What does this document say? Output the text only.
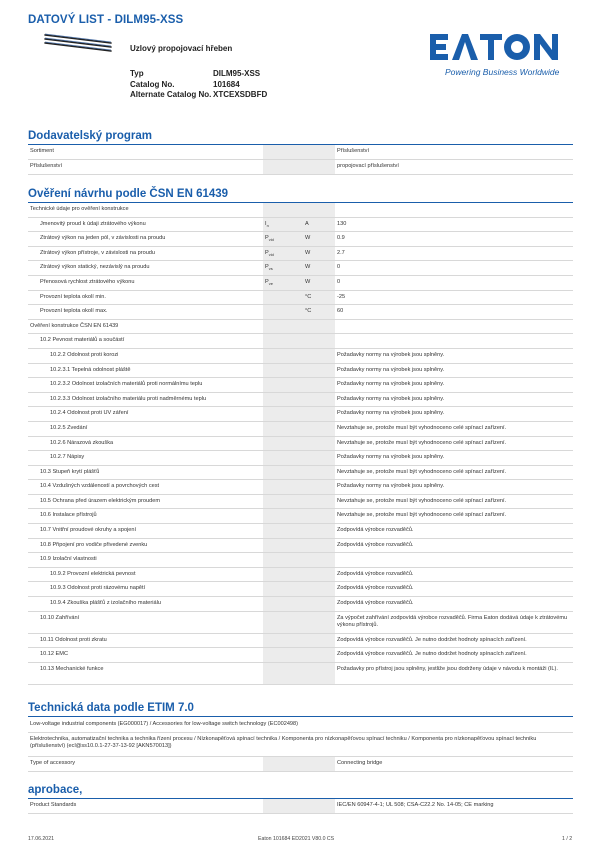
DATOVÝ LIST - DILM95-XSS
Uzlový propojovací hřeben
Typ	DILM95-XSS
Catalog No.	101684
Alternate Catalog No. XTCEXSDBFD
Powering Business Worldwide
Dodavatelský program
Sortiment	Příslušenství
Příslušenství	propojovací příslušenství
Ověření návrhu podle ČSN EN 61439
Technické údaje pro ověření konstrukce
Jmenovitý proud k údaji ztrátového výkonu	$I_n$	A	130
Ztrátový výkon na jeden pól, v závislosti na proudu	$P_{vid}$	W	0.9
Ztrátový výkon přístroje, v závislosti na proudu	$P_{vid}$	W	2.7
Ztrátový výkon statický, nezávislý na proudu	$P_{vs}$	W	0
Přenosová rychlost ztrátového výkonu	$P_{ve}$	W	0
Provozní teplota okolí min.	°C	-25
Provozní teplota okolí max.	°C	60
Ověření konstrukce ČSN EN 61439
10.2 Pevnost materiálů a součástí
10.2.2 Odolnost proti korozi	Požadavky normy na výrobek jsou splněny.
10.2.3.1 Tepelná odolnost pláště	Požadavky normy na výrobek jsou splněny.
10.2.3.2 Odolnost izolačních materiálů proti normálnímu teplu	Požadavky normy na výrobek jsou splněny.
10.2.3.3 Odolnost izolačního materiálu proti nadměrnému teplu	Požadavky normy na výrobek jsou splněny.
10.2.4 Odolnost proti UV záření	Požadavky normy na výrobek jsou splněny.
10.2.5 Zvedání	Nevztahuje se, protože musí být vyhodnoceno celé spínací zařízení.
10.2.6 Nárazová zkouška	Nevztahuje se, protože musí být vyhodnoceno celé spínací zařízení.
10.2.7 Nápisy	Požadavky normy na výrobek jsou splněny.
10.3 Stupeň krytí plášťů	Nevztahuje se, protože musí být vyhodnoceno celé spínací zařízení.
10.4 Vzdušných vzdáleností a povrchových cest	Požadavky normy na výrobek jsou splněny.
10.5 Ochrana před úrazem elektrickým proudem	Nevztahuje se, protože musí být vyhodnoceno celé spínací zařízení.
10.6 Instalace přístrojů	Nevztahuje se, protože musí být vyhodnoceno celé spínací zařízení.
10.7 Vnitřní proudové okruhy a spojení	Zodpovídá výrobce rozvaděčů.
10.8 Připojení pro vodiče přivedené zvenku	Zodpovídá výrobce rozvaděčů.
10.9 Izolační vlastnosti
10.9.2 Provozní elektrická pevnost	Zodpovídá výrobce rozvaděčů.
10.9.3 Odolnost proti rázovému napětí	Zodpovídá výrobce rozvaděčů.
10.9.4 Zkouška plášťů z izolačního materiálu	Zodpovídá výrobce rozvaděčů.
10.10 Zahřívání	Za výpočet zahřívání zodpovídá výrobce rozvaděčů. Firma Eaton dodává údaje k ztrátovému výkonu přístrojů.
10.11 Odolnost proti zkratu	Zodpovídá výrobce rozvaděčů. Je nutno dodržet hodnoty spínacích zařízení.
10.12 EMC	Zodpovídá výrobce rozvaděčů. Je nutno dodržet hodnoty spínacích zařízení.
10.13 Mechanické funkce	Požadavky pro přístroj jsou splněny, jestliže jsou dodrženy údaje v návodu k montáži (IL).
Technická data podle ETIM 7.0
Low-voltage industrial components (EG000017) / Accessories for low-voltage switch technology (EC002498)
Elektrotechnika, automatizační technika a technika řízení procesu / Nízkonapěťová spínací technika / Komponenta pro nízkonapěťovou spínací techniku / Komponenta pro nízkonapěťovou spínací techniku (příslušenství) (ecl@ss10.0.1-27-37-13-92 [AKN570013])
Type of accessory	Connecting bridge
aprobace,
Product Standards	IEC/EN 60947-4-1; UL 508; CSA-C22.2 No. 14-05; CE marking
17.06.2021	Eaton 101684 ED2021 V80.0 CS	1 / 2
